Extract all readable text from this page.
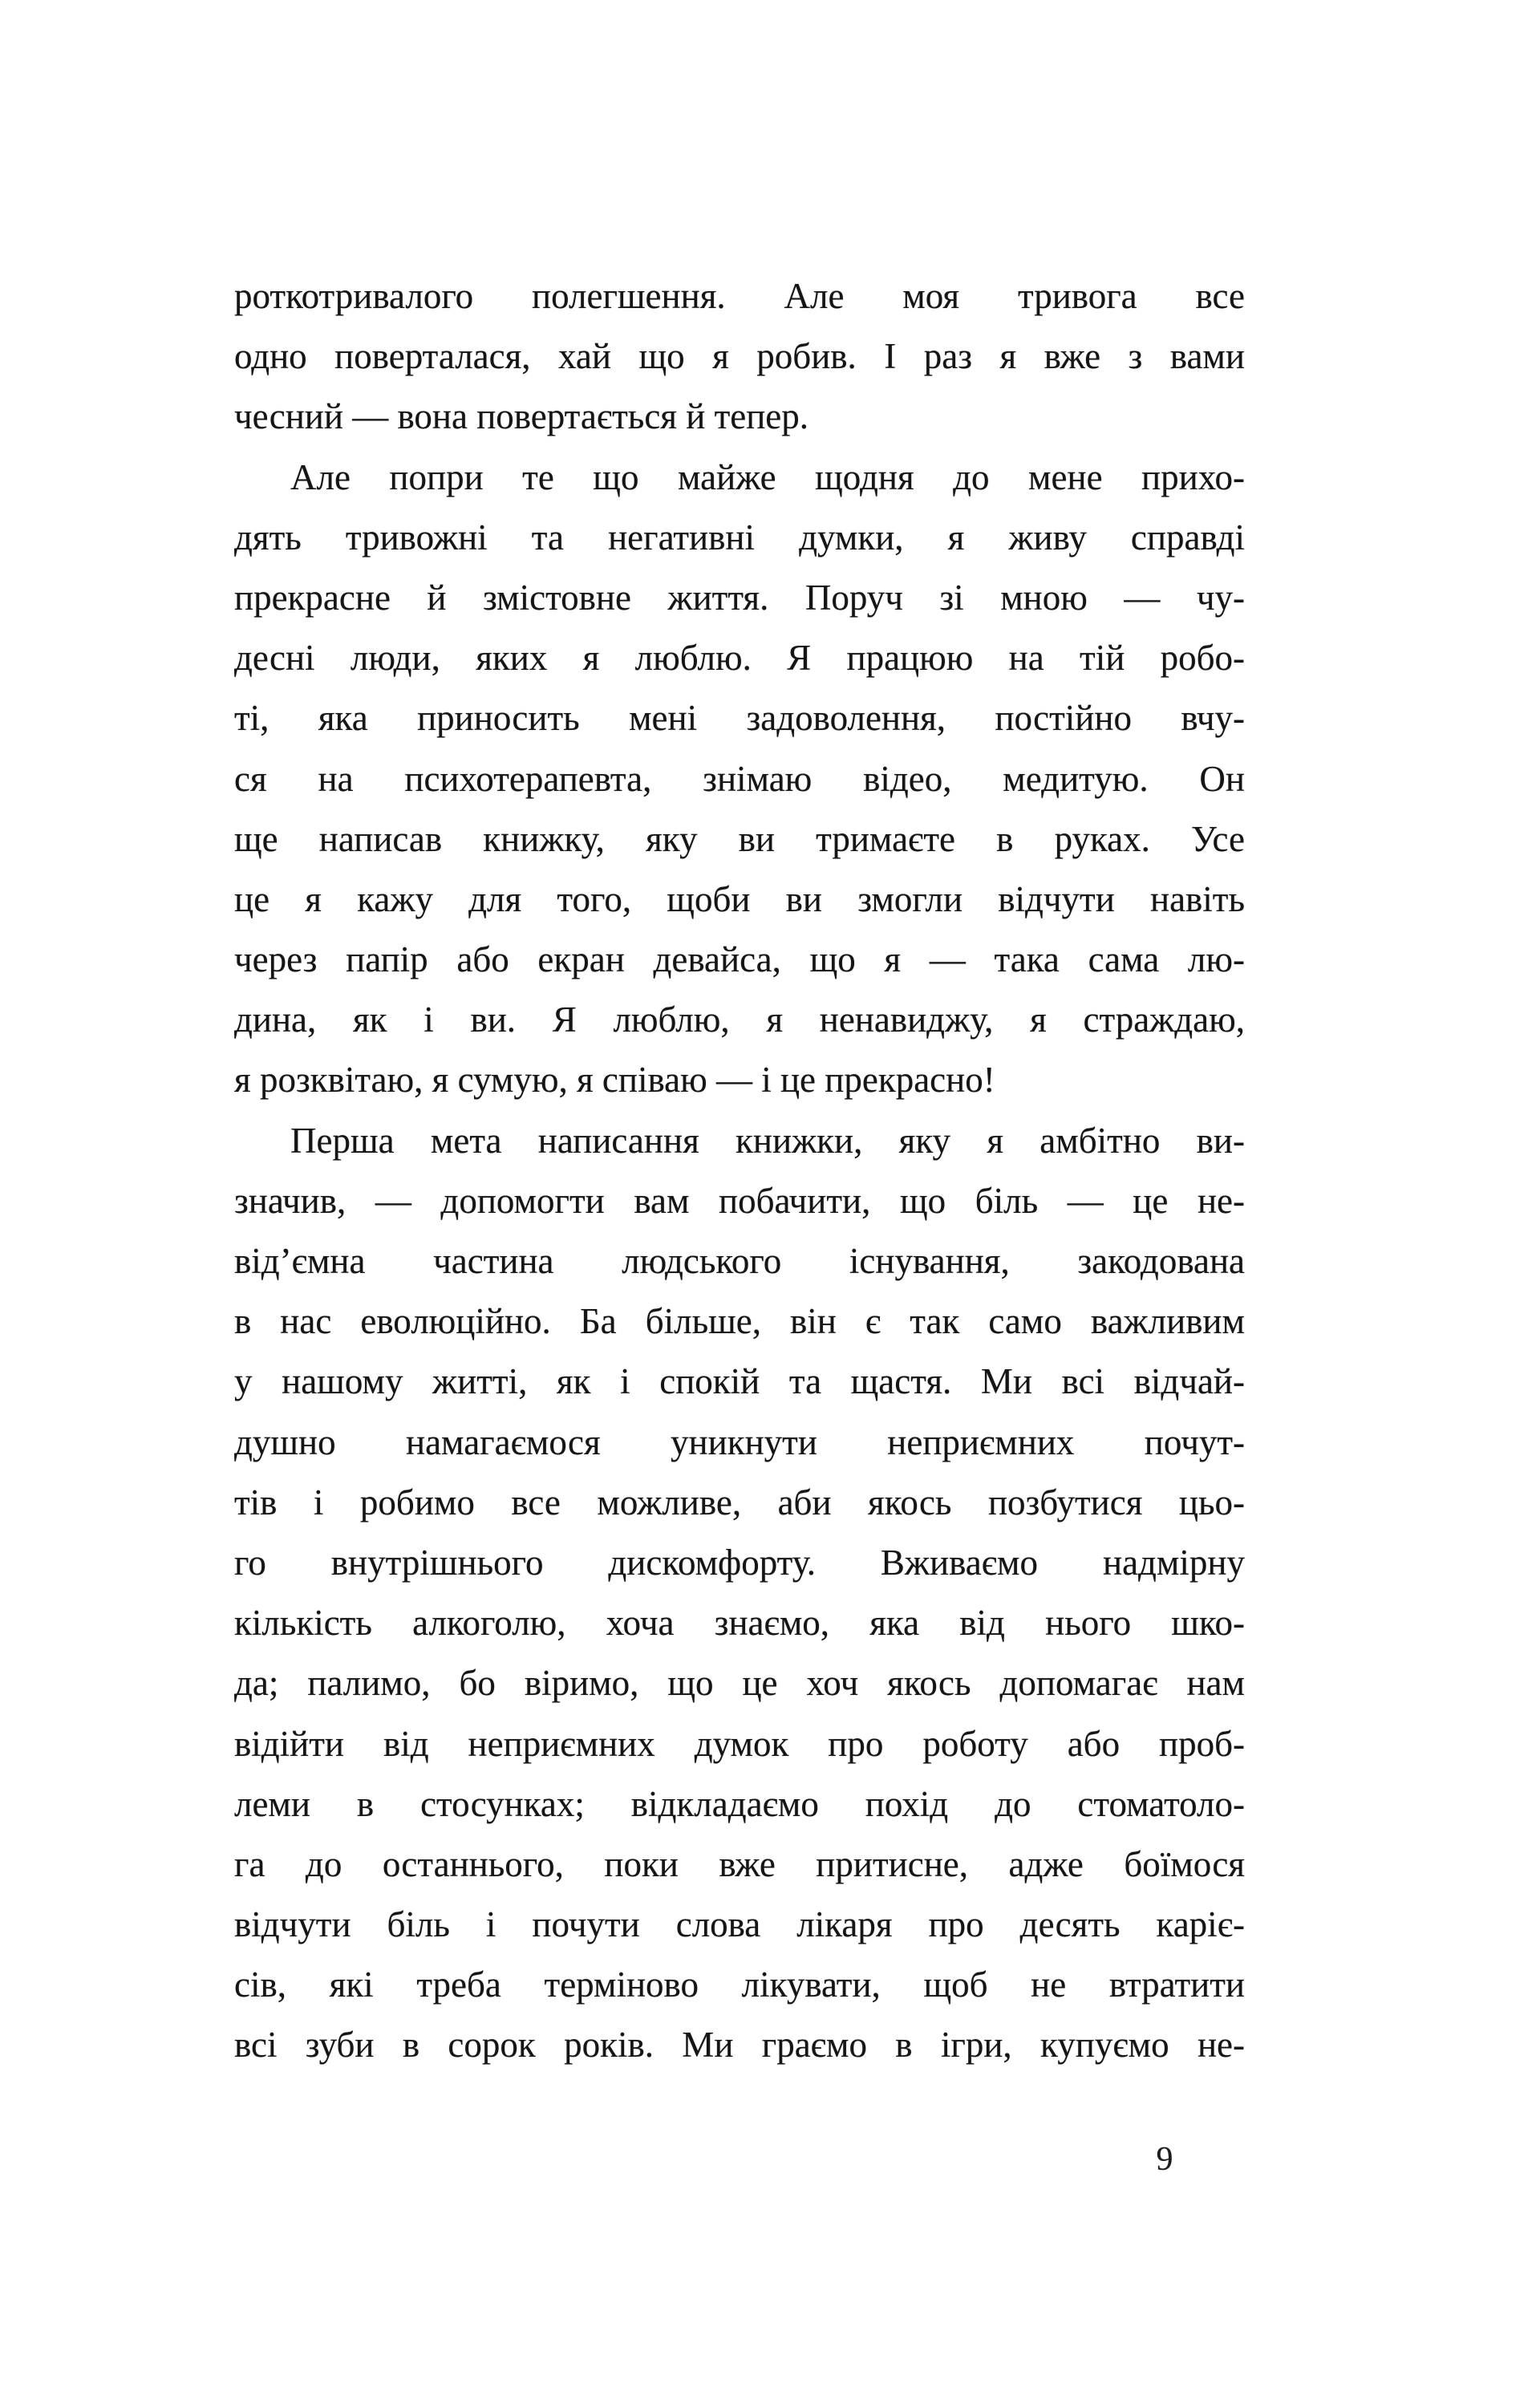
роткотривалого полегшення. Але моя тривога все
одно поверталася, хай що я робив. І раз я вже з вами
чесний — вона повертається й тепер.
Але попри те що майже щодня до мене прихо-
дять тривожні та негативні думки, я живу справді
прекрасне й змістовне життя. Поруч зі мною — чу-
десні люди, яких я люблю. Я працюю на тій робо-
ті, яка приносить мені задоволення, постійно вчу-
ся на психотерапевта, знімаю відео, медитую. Он
ще написав книжку, яку ви тримаєте в руках. Усе
це я кажу для того, щоби ви змогли відчути навіть
через папір або екран девайса, що я — така сама лю-
дина, як і ви. Я люблю, я ненавиджу, я страждаю,
я розквітаю, я сумую, я співаю — і це прекрасно!
Перша мета написання книжки, яку я амбітно ви-
значив, — допомогти вам побачити, що біль — це не-
від’ємна частина людського існування, закодована
в нас еволюційно. Ба більше, він є так само важливим
у нашому житті, як і спокій та щастя. Ми всі відчай-
душно намагаємося уникнути неприємних почут-
тів і робимо все можливе, аби якось позбутися цьо-
го внутрішнього дискомфорту. Вживаємо надмірну
кількість алкоголю, хоча знаємо, яка від нього шко-
да; палимо, бо віримо, що це хоч якось допомагає нам
відійти від неприємних думок про роботу або проб-
леми в стосунках; відкладаємо похід до стоматоло-
га до останнього, поки вже притисне, адже боїмося
відчути біль і почути слова лікаря про десять каріє-
сів, які треба терміново лікувати, щоб не втратити
всі зуби в сорок років. Ми граємо в ігри, купуємо не-
9
